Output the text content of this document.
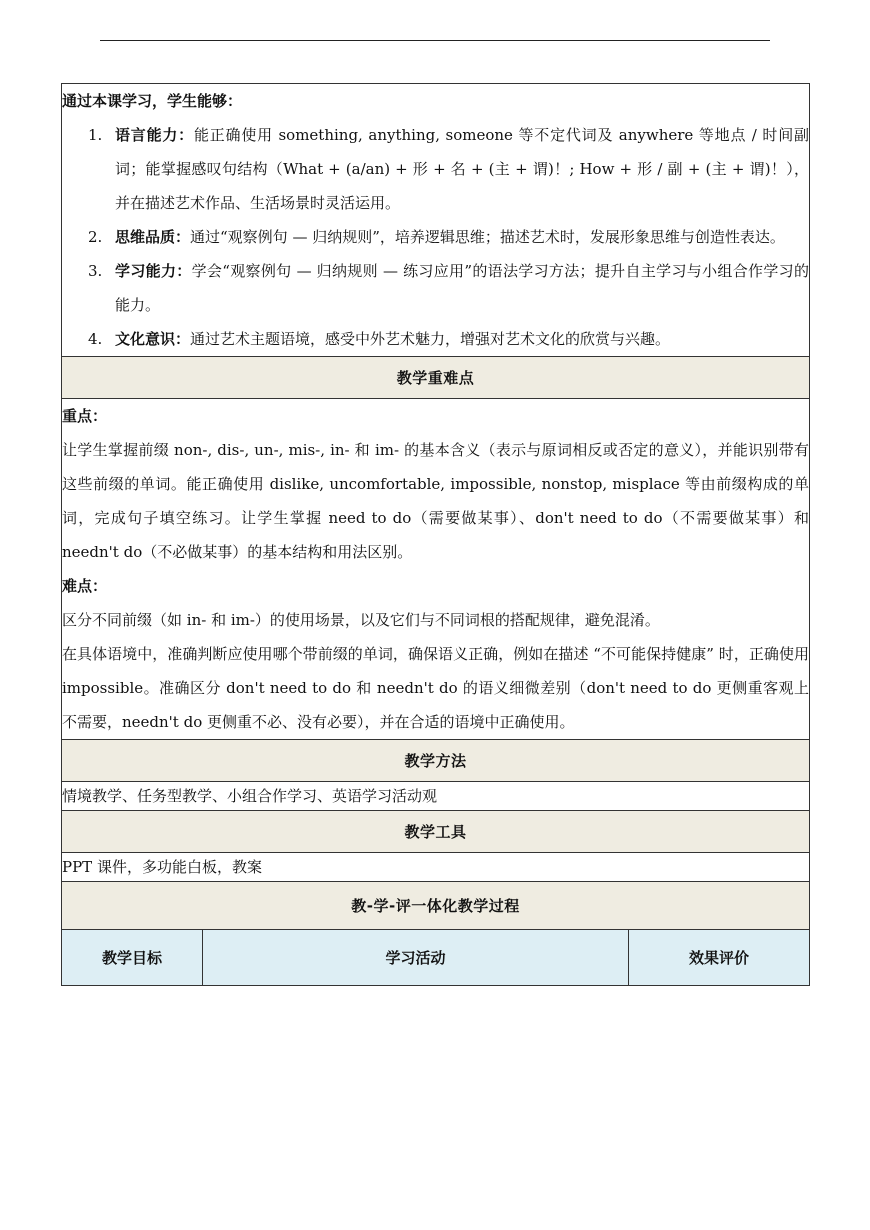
通过本课学习，学生能够：
1. 语言能力：能正确使用 something, anything, someone 等不定代词及 anywhere 等地点 / 时间副词；能掌握感叹句结构（What + (a/an) + 形 + 名 + (主 + 谓)！; How + 形 / 副 + (主 + 谓)！），并在描述艺术作品、生活场景时灵活运用。
2. 思维品质：通过“观察例句 — 归纳规则”，培养逻辑思维；描述艺术时，发展形象思维与创造性表达。
3. 学习能力：学会“观察例句 — 归纳规则 — 练习应用”的语法学习方法；提升自主学习与小组合作学习的能力。
4. 文化意识：通过艺术主题语境，感受中外艺术魅力，增强对艺术文化的欣赏与兴趣。

教学重难点

重点：

让学生掌握前缀 non-, dis-, un-, mis-, in- 和 im- 的基本含义（表示与原词相反或否定的意义），并能识别带有这些前缀的单词。能正确使用 dislike, uncomfortable, impossible, nonstop, misplace 等由前缀构成的单词，完成句子填空练习。让学生掌握 need to do（需要做某事）、don't need to do（不需要做某事）和 needn't do（不必做某事）的基本结构和用法区别。

难点：

区分不同前缀（如 in- 和 im-）的使用场景，以及它们与不同词根的搭配规律，避免混淆。

在具体语境中，准确判断应使用哪个带前缀的单词，确保语义正确，例如在描述 “不可能保持健康” 时，正确使用 impossible。准确区分 don't need to do 和 needn't do 的语义细微差别（don't need to do 更侧重客观上不需要，needn't do 更侧重不必、没有必要），并在合适的语境中正确使用。

教学方法
情境教学、任务型教学、小组合作学习、英语学习活动观
教学工具
PPT 课件，多功能白板，教案
教-学-评一体化教学过程
教学目标	学习活动	效果评价
